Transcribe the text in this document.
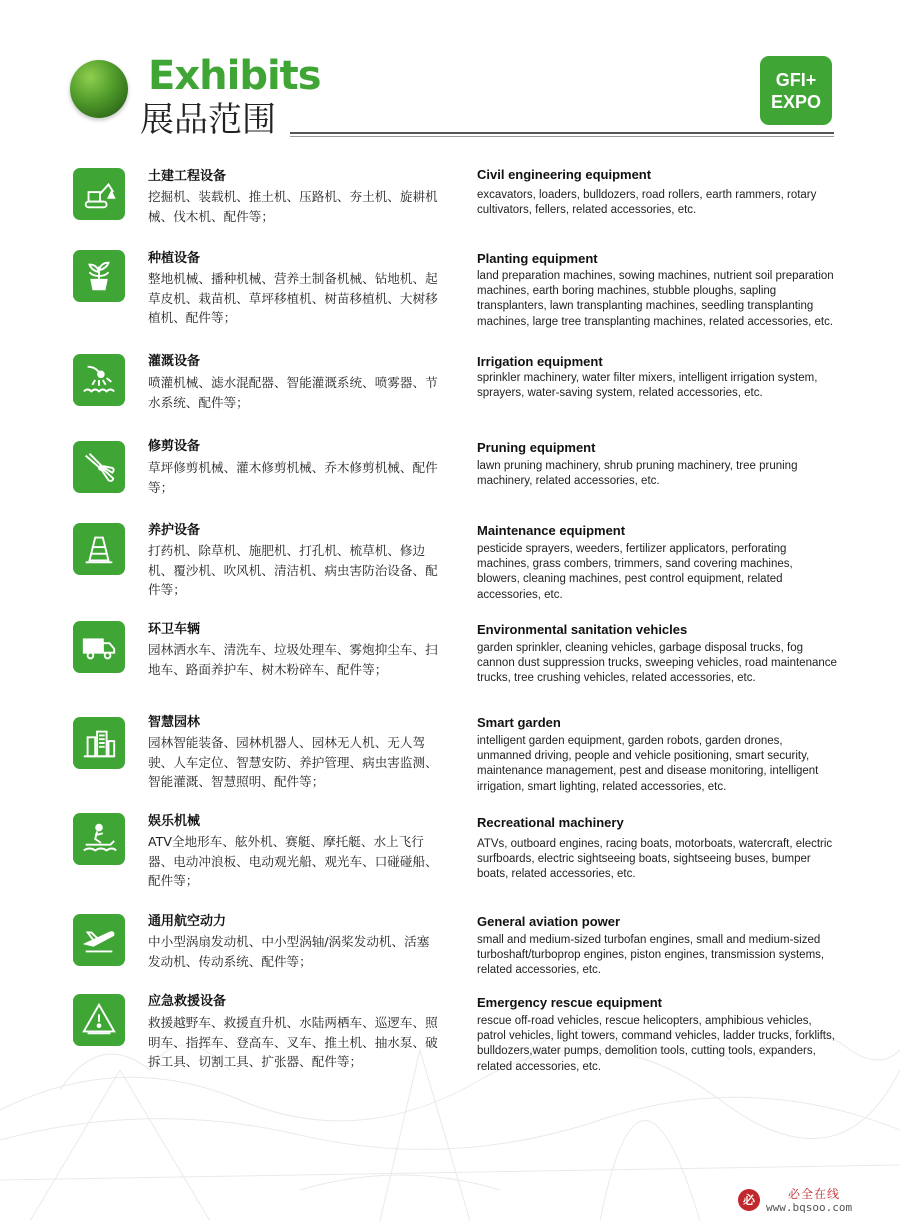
Exhibits
展品范围
GFI+
EXPO
土建工程设备
挖掘机、装载机、推土机、压路机、夯土机、旋耕机械、伐木机、配件等；
Civil engineering equipment
excavators, loaders, bulldozers, road rollers, earth rammers, rotary cultivators, fellers, related accessories, etc.
种植设备
整地机械、播种机械、营养土制备机械、钻地机、起草皮机、栽苗机、草坪移植机、树苗移植机、大树移植机、配件等；
Planting equipment
land preparation machines, sowing machines, nutrient soil preparation machines, earth boring machines, stubble ploughs, sapling transplanters, lawn transplanting machines, seedling transplanting machines, large tree transplanting machines, related accessories, etc.
灌溉设备
喷灌机械、滤水混配器、智能灌溉系统、喷雾器、节水系统、配件等；
Irrigation equipment
sprinkler machinery, water filter mixers, intelligent irrigation system, sprayers, water-saving system, related accessories, etc.
修剪设备
草坪修剪机械、灌木修剪机械、乔木修剪机械、配件等；
Pruning equipment
lawn pruning machinery, shrub pruning machinery, tree pruning machinery, related accessories, etc.
养护设备
打药机、除草机、施肥机、打孔机、梳草机、修边机、覆沙机、吹风机、清洁机、病虫害防治设备、配件等；
Maintenance equipment
pesticide sprayers, weeders, fertilizer applicators, perforating machines, grass combers, trimmers, sand covering machines, blowers, cleaning machines, pest control equipment, related accessories, etc.
环卫车辆
园林洒水车、清洗车、垃圾处理车、雾炮抑尘车、扫地车、路面养护车、树木粉碎车、配件等；
Environmental sanitation vehicles
garden sprinkler, cleaning vehicles, garbage disposal trucks, fog cannon dust suppression trucks, sweeping vehicles, road maintenance trucks, tree crushing vehicles, related accessories, etc.
智慧园林
园林智能装备、园林机器人、园林无人机、无人驾驶、人车定位、智慧安防、养护管理、病虫害监测、智能灌溉、智慧照明、配件等；
Smart garden
intelligent garden equipment, garden robots, garden drones, unmanned driving, people and vehicle positioning, smart security, maintenance management, pest and disease monitoring, intelligent irrigation, smart lighting, related accessories, etc.
娱乐机械
ATV全地形车、舷外机、赛艇、摩托艇、水上飞行器、电动冲浪板、电动观光船、观光车、口碰碰船、配件等；
Recreational machinery
ATVs, outboard engines, racing boats, motorboats, watercraft, electric surfboards, electric sightseeing boats, sightseeing buses, bumper boats, related accessories, etc.
通用航空动力
中小型涡扇发动机、中小型涡轴/涡桨发动机、活塞发动机、传动系统、配件等；
General aviation power
small and medium-sized turbofan engines, small and medium-sized turboshaft/turboprop engines, piston engines, transmission systems, related accessories, etc.
应急救援设备
救援越野车、救援直升机、水陆两栖车、巡逻车、照明车、指挥车、登高车、叉车、推土机、抽水泵、破拆工具、切割工具、扩张器、配件等；
Emergency rescue equipment
rescue off-road vehicles, rescue helicopters, amphibious vehicles, patrol vehicles, light towers, command vehicles, ladder trucks, forklifts, bulldozers,water pumps, demolition tools, cutting tools, expanders, related accessories, etc.
必	必全在线
www.bqsoo.com
